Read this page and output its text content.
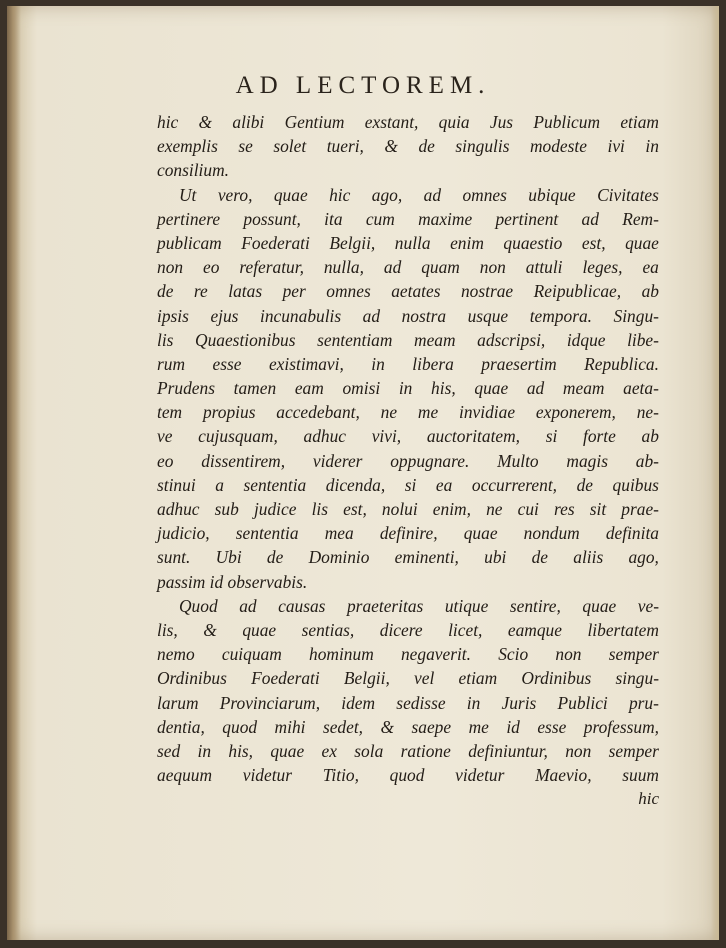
AD LECTOREM.
hic & alibi Gentium exstant, quia Jus Publicum etiam
exemplis se solet tueri, & de singulis modeste ivi in
consilium.
Ut vero, quae hic ago, ad omnes ubique Civitates
pertinere possunt, ita cum maxime pertinent ad Rem-
publicam Foederati Belgii, nulla enim quaestio est, quae
non eo referatur, nulla, ad quam non attuli leges, ea
de re latas per omnes aetates nostrae Reipublicae, ab
ipsis ejus incunabulis ad nostra usque tempora. Singu-
lis Quaestionibus sententiam meam adscripsi, idque libe-
rum esse existimavi, in libera praesertim Republica.
Prudens tamen eam omisi in his, quae ad meam aeta-
tem propius accedebant, ne me invidiae exponerem, ne-
ve cujusquam, adhuc vivi, auctoritatem, si forte ab
eo dissentirem, viderer oppugnare. Multo magis ab-
stinui a sententia dicenda, si ea occurrerent, de quibus
adhuc sub judice lis est, nolui enim, ne cui res sit prae-
judicio, sententia mea definire, quae nondum definita
sunt. Ubi de Dominio eminenti, ubi de aliis ago,
passim id observabis.
Quod ad causas praeteritas utique sentire, quae ve-
lis, & quae sentias, dicere licet, eamque libertatem
nemo cuiquam hominum negaverit. Scio non semper
Ordinibus Foederati Belgii, vel etiam Ordinibus singu-
larum Provinciarum, idem sedisse in Juris Publici pru-
dentia, quod mihi sedet, & saepe me id esse professum,
sed in his, quae ex sola ratione definiuntur, non semper
aequum videtur Titio, quod videtur Maevio, suum
hic
